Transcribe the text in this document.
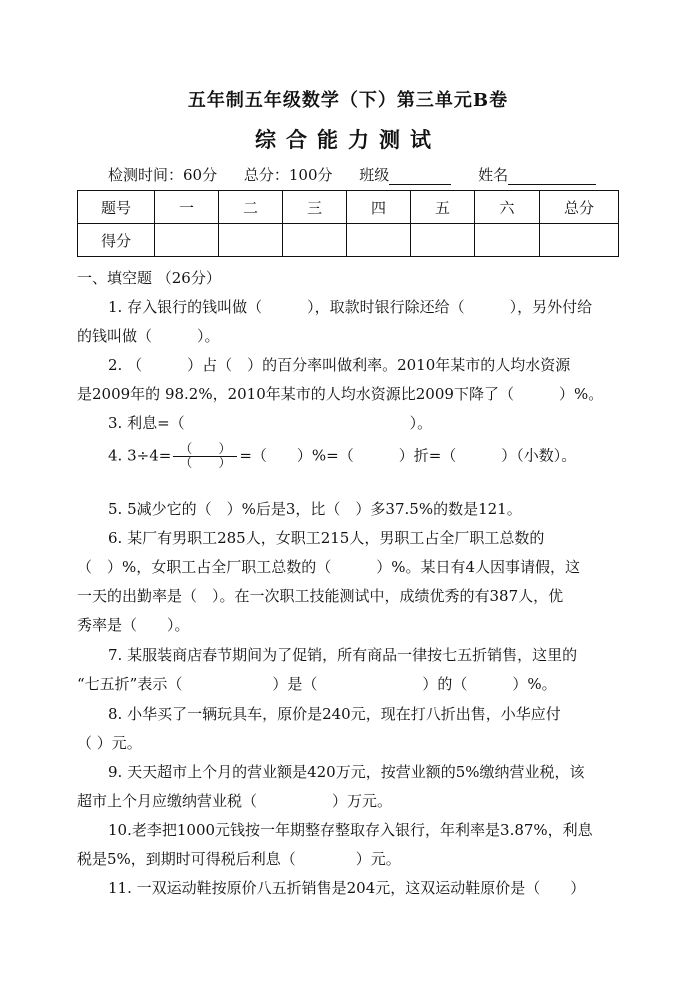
五年制五年级数学（下）第三单元B卷
综合能力测试
检测时间：60分 总分：100分 班级	姓名
题号	一	二	三	四	五	六	总分
得分							
一、填空题 （26分）
1. 存入银行的钱叫做（　　　），取款时银行除还给（　　　），另外付给
的钱叫做（　　　）。
2. （　　　）占（　）的百分率叫做利率。2010年某市的人均水资源
是2009年的 98.2%，2010年某市的人均水资源比2009下降了（　　　）%。
3. 利息=（　　　　　　　　　　　　　　　）。
4. $3\div 4= \frac{( )}{( )}$ =（　　）%=（　　　）折=（　　　）（小数）。
5. 5减少它的（　）%后是3，比（　）多37.5%的数是121。
6. 某厂有男职工285人，女职工215人，男职工占全厂职工总数的
（　）%，女职工占全厂职工总数的（　　　）%。某日有4人因事请假，这
一天的出勤率是（　）。在一次职工技能测试中，成绩优秀的有387人，优
秀率是（　　）。
7. 某服装商店春节期间为了促销，所有商品一律按七五折销售，这里的
“七五折”表示（　　　　　　）是（　　　　　　　）的（　　　）%。
8. 小华买了一辆玩具车，原价是240元，现在打八折出售，小华应付
（ ）元。
9. 天天超市上个月的营业额是420万元，按营业额的5%缴纳营业税，该
超市上个月应缴纳营业税（　　　　　）万元。
10.老李把1000元钱按一年期整存整取存入银行，年利率是3.87%，利息
税是5%，到期时可得税后利息（　　　　）元。
11. 一双运动鞋按原价八五折销售是204元，这双运动鞋原价是（　　）
